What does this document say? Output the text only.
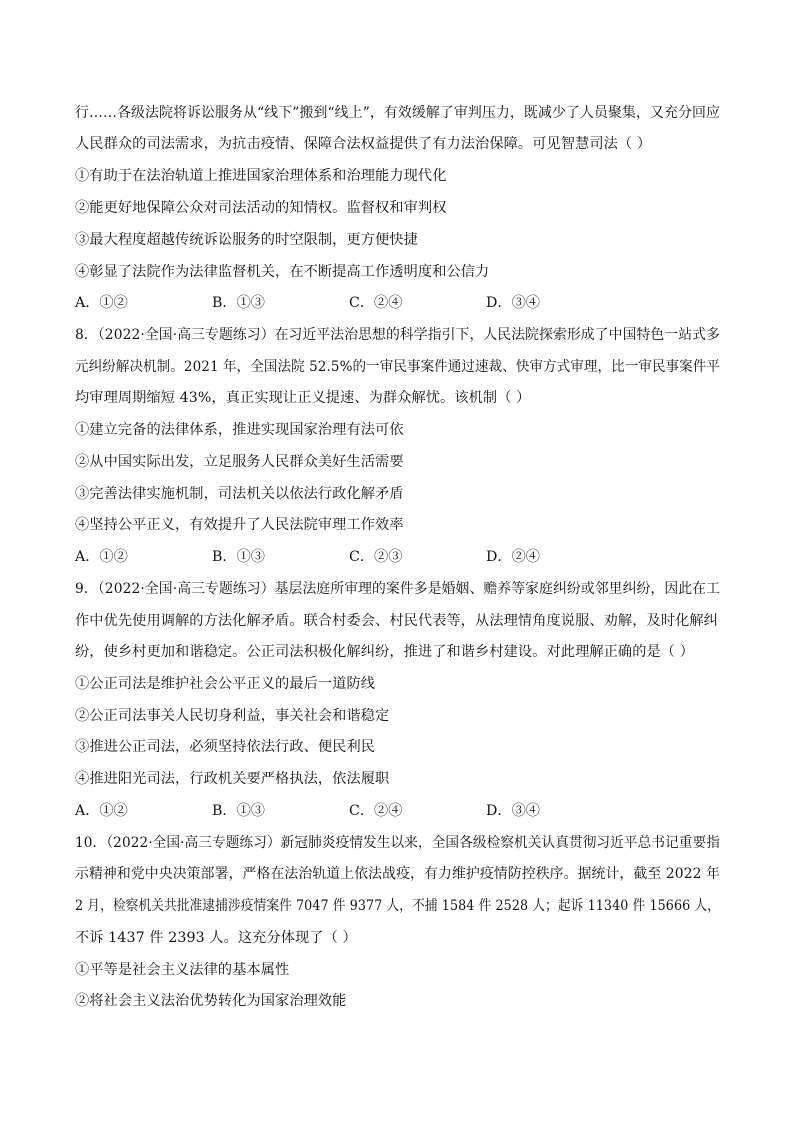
行……各级法院将诉讼服务从“线下”搬到“线上”，有效缓解了审判压力，既减少了人员聚集，又充分回应
人民群众的司法需求，为抗击疫情、保障合法权益提供了有力法治保障。可见智慧司法（ ）
①有助于在法治轨道上推进国家治理体系和治理能力现代化
②能更好地保障公众对司法活动的知情权。监督权和审判权
③最大程度超越传统诉讼服务的时空限制，更方便快捷
④彰显了法院作为法律监督机关，在不断提高工作透明度和公信力
A．①②	B．①③	C．②④	D．③④
8．（2022·全国·高三专题练习）在习近平法治思想的科学指引下，人民法院探索形成了中国特色一站式多
元纠纷解决机制。2021 年，全国法院 52.5%的一审民事案件通过速裁、快审方式审理，比一审民事案件平
均审理周期缩短 43%，真正实现让正义提速、为群众解忧。该机制（ ）
①建立完备的法律体系，推进实现国家治理有法可依
②从中国实际出发，立足服务人民群众美好生活需要
③完善法律实施机制，司法机关以依法行政化解矛盾
④坚持公平正义，有效提升了人民法院审理工作效率
A．①②	B．①③	C．②③	D．②④
9．（2022·全国·高三专题练习）基层法庭所审理的案件多是婚姻、赡养等家庭纠纷或邻里纠纷，因此在工
作中优先使用调解的方法化解矛盾。联合村委会、村民代表等，从法理情角度说服、劝解，及时化解纠
纷，使乡村更加和谐稳定。公正司法积极化解纠纷，推进了和谐乡村建设。对此理解正确的是（ ）
①公正司法是维护社会公平正义的最后一道防线
②公正司法事关人民切身利益，事关社会和谐稳定
③推进公正司法，必须坚持依法行政、便民利民
④推进阳光司法，行政机关要严格执法，依法履职
A．①②	B．①③	C．②④	D．③④
10．（2022·全国·高三专题练习）新冠肺炎疫情发生以来，全国各级检察机关认真贯彻习近平总书记重要指
示精神和党中央决策部署，严格在法治轨道上依法战疫，有力维护疫情防控秩序。据统计，截至 2022 年
2 月，检察机关共批准逮捕涉疫情案件 7047 件 9377 人，不捕 1584 件 2528 人；起诉 11340 件 15666 人，
不诉 1437 件 2393 人。这充分体现了（ ）
①平等是社会主义法律的基本属性
②将社会主义法治优势转化为国家治理效能
